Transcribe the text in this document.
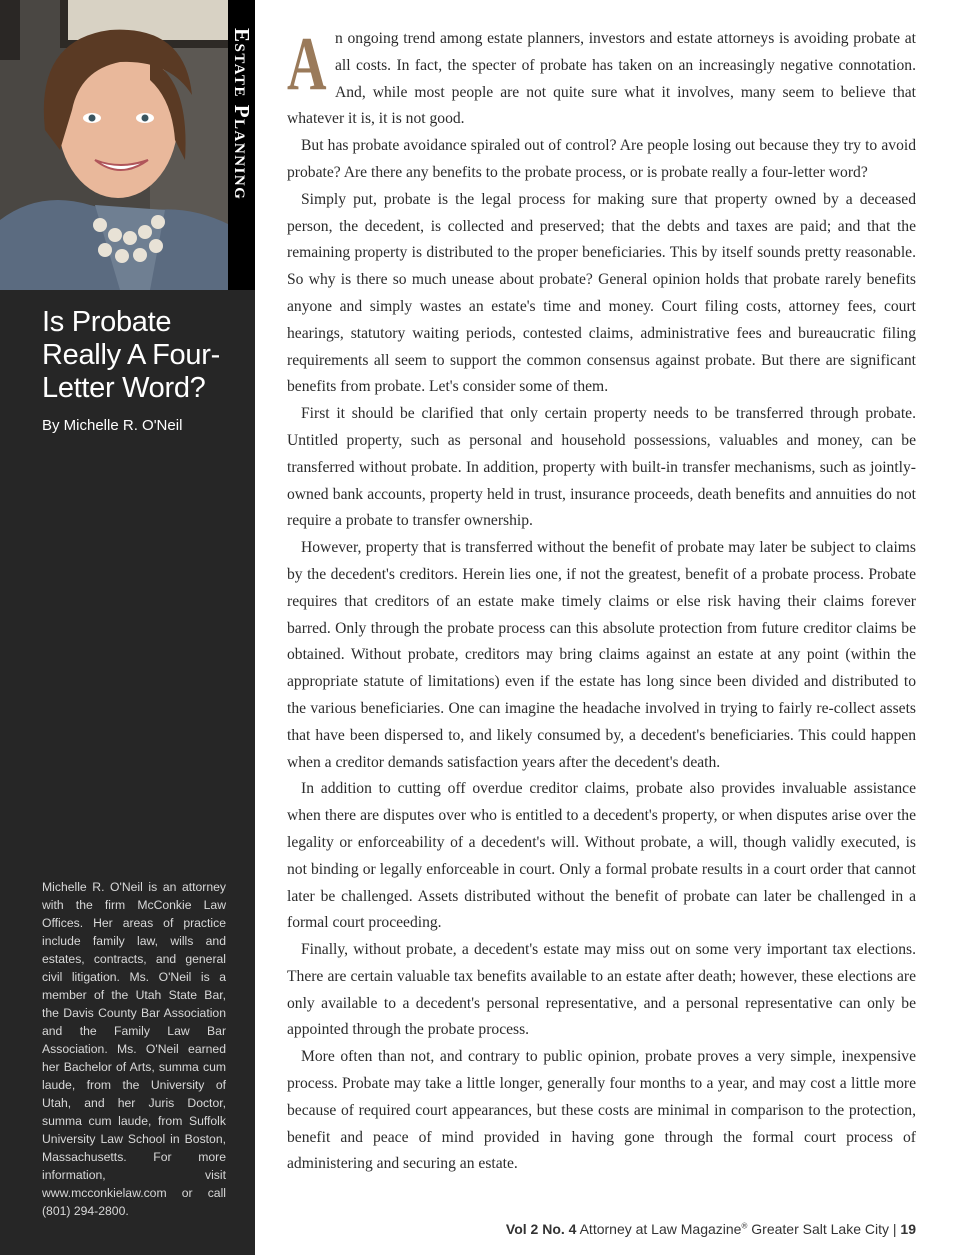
Estate Planning
Is Probate Really A Four-Letter Word?

By Michelle R. O'Neil

Michelle R. O'Neil is an attorney with the firm McConkie Law Offices. Her areas of practice include family law, wills and estates, contracts, and general civil litigation. Ms. O'Neil is a member of the Utah State Bar, the Davis County Bar Association and the Family Law Bar Association. Ms. O'Neil earned her Bachelor of Arts, summa cum laude, from the University of Utah, and her Juris Doctor, summa cum laude, from Suffolk University Law School in Boston, Massachusetts. For more information, visit www.mcconkielaw.com or call (801) 294-2800.

An ongoing trend among estate planners, investors and estate attorneys is avoiding probate at all costs. In fact, the specter of probate has taken on an increasingly negative connotation. And, while most people are not quite sure what it involves, many seem to believe that whatever it is, it is not good.

But has probate avoidance spiraled out of control? Are people losing out because they try to avoid probate? Are there any benefits to the probate process, or is probate really a four-letter word?

Simply put, probate is the legal process for making sure that property owned by a deceased person, the decedent, is collected and preserved; that the debts and taxes are paid; and that the remaining property is distributed to the proper beneficiaries. This by itself sounds pretty reasonable. So why is there so much unease about probate? General opinion holds that probate rarely benefits anyone and simply wastes an estate's time and money. Court filing costs, attorney fees, court hearings, statutory waiting periods, contested claims, administrative fees and bureaucratic filing requirements all seem to support the common consensus against probate. But there are significant benefits from probate. Let's consider some of them.

First it should be clarified that only certain property needs to be transferred through probate. Untitled property, such as personal and household possessions, valuables and money, can be transferred without probate. In addition, property with built-in transfer mechanisms, such as jointly-owned bank accounts, property held in trust, insurance proceeds, death benefits and annuities do not require a probate to transfer ownership.

However, property that is transferred without the benefit of probate may later be subject to claims by the decedent's creditors. Herein lies one, if not the greatest, benefit of a probate process. Probate requires that creditors of an estate make timely claims or else risk having their claims forever barred. Only through the probate process can this absolute protection from future creditor claims be obtained. Without probate, creditors may bring claims against an estate at any point (within the appropriate statute of limitations) even if the estate has long since been divided and distributed to the various beneficiaries. One can imagine the headache involved in trying to fairly re-collect assets that have been dispersed to, and likely consumed by, a decedent's beneficiaries. This could happen when a creditor demands satisfaction years after the decedent's death.

In addition to cutting off overdue creditor claims, probate also provides invaluable assistance when there are disputes over who is entitled to a decedent's property, or when disputes arise over the legality or enforceability of a decedent's will. Without probate, a will, though validly executed, is not binding or legally enforceable in court. Only a formal probate results in a court order that cannot later be challenged. Assets distributed without the benefit of probate can later be challenged in a formal court proceeding.

Finally, without probate, a decedent's estate may miss out on some very important tax elections. There are certain valuable tax benefits available to an estate after death; however, these elections are only available to a decedent's personal representative, and a personal representative can only be appointed through the probate process.

More often than not, and contrary to public opinion, probate proves a very simple, inexpensive process. Probate may take a little longer, generally four months to a year, and may cost a little more because of required court appearances, but these costs are minimal in comparison to the protection, benefit and peace of mind provided in having gone through the formal court process of administering and securing an estate.

Vol 2 No. 4 Attorney at Law Magazine® Greater Salt Lake City | 19
